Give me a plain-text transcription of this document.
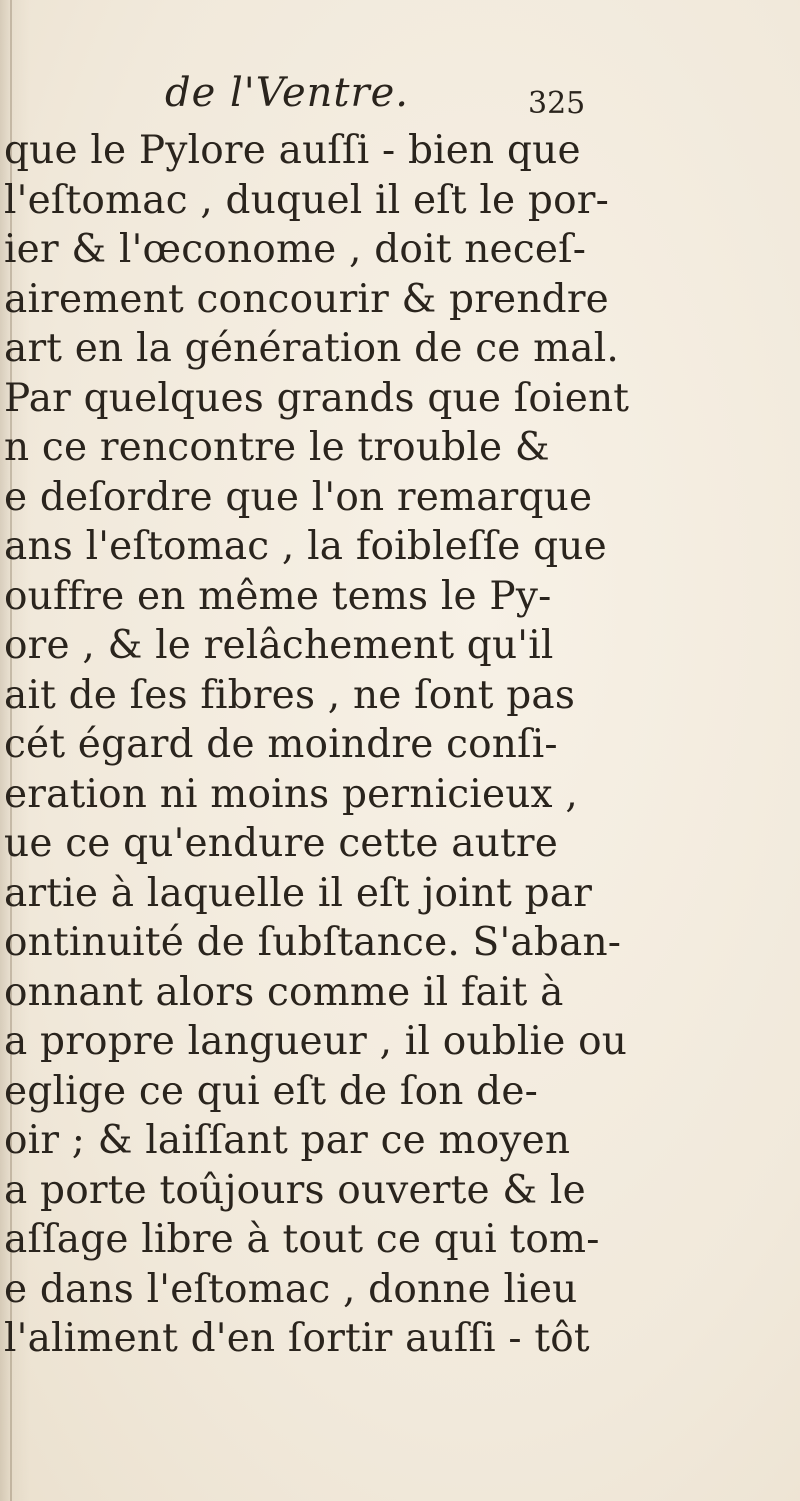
de l'Ventre.	325
que le Pylore auſſi - bien que
l'eſtomac , duquel il eſt le por-
ier & l'œconome , doit neceſ-
airement concourir & prendre
art en la génération de ce mal.
Par quelques grands que ſoient
n ce rencontre le trouble &
e deſordre que l'on remarque
ans l'eſtomac , la foibleſſe que
ouffre en même tems le Py-
ore , & le relâchement qu'il
ait de ſes fibres , ne ſont pas
cét égard de moindre conſi-
eration ni moins pernicieux ,
ue ce qu'endure cette autre
artie à laquelle il eſt joint par
ontinuité de ſubſtance. S'aban-
onnant alors comme il fait à
a propre langueur , il oublie ou
eglige ce qui eſt de ſon de-
oir ; & laiſſant par ce moyen
a porte toûjours ouverte & le
aſſage libre à tout ce qui tom-
e dans l'eſtomac , donne lieu
l'aliment d'en ſortir auſſi - tôt
